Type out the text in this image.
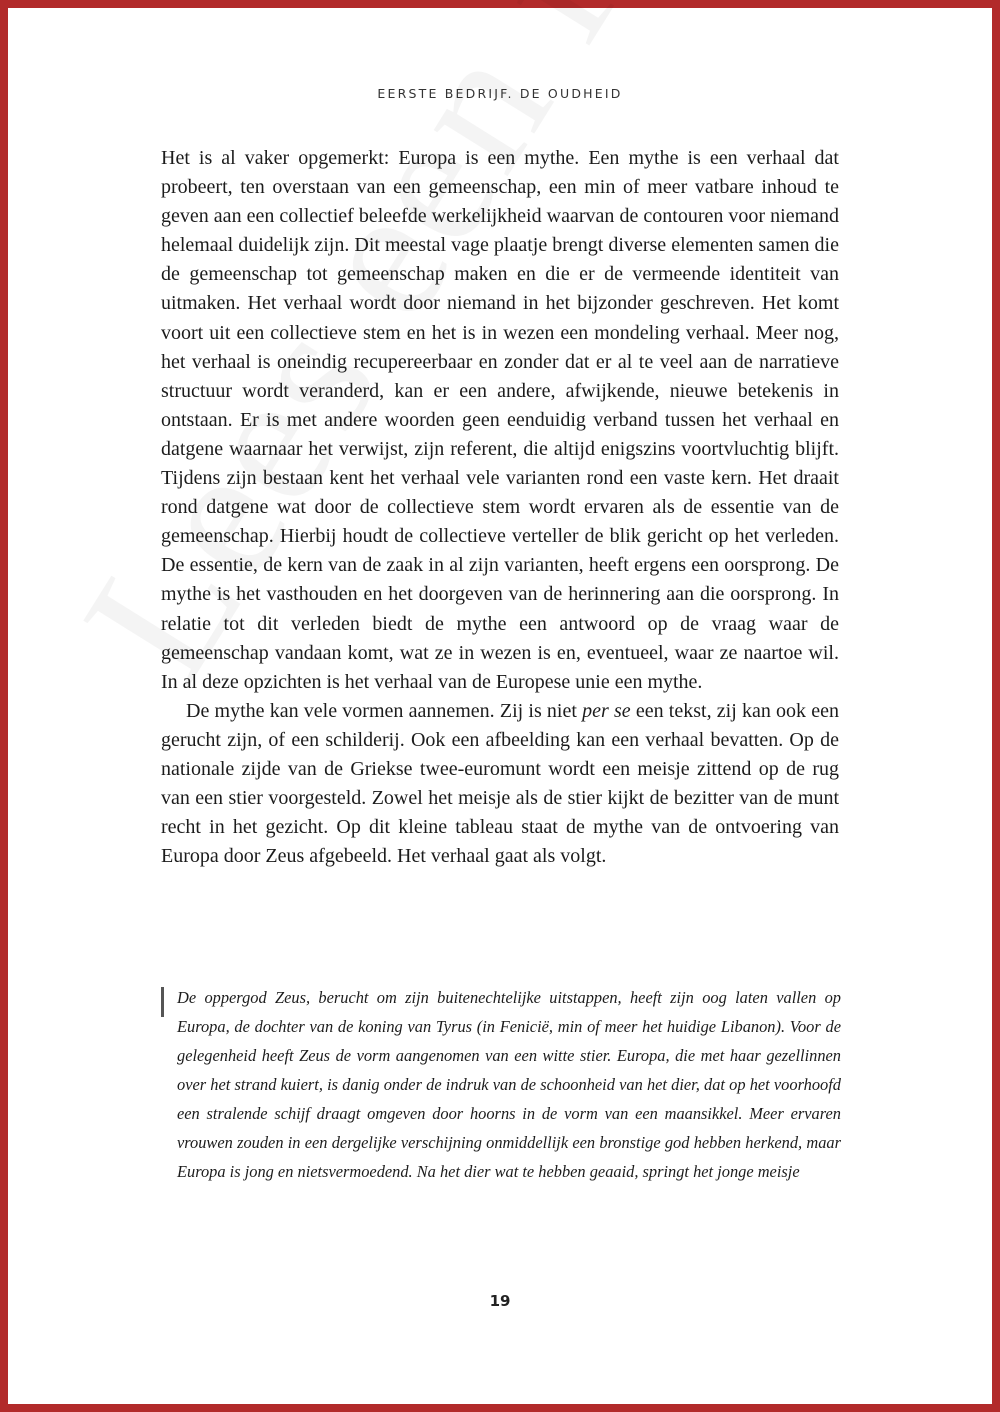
EERSTE BEDRIJF. DE OUDHEID

Het is al vaker opgemerkt: Europa is een mythe. Een mythe is een verhaal dat probeert, ten overstaan van een gemeenschap, een min of meer vatbare inhoud te geven aan een collectief beleefde werkelijkheid waarvan de contouren voor niemand helemaal duidelijk zijn. Dit meestal vage plaatje brengt diverse elementen samen die de gemeenschap tot gemeenschap maken en die er de vermeende identiteit van uitmaken. Het verhaal wordt door niemand in het bijzonder geschreven. Het komt voort uit een collectieve stem en het is in wezen een mondeling verhaal. Meer nog, het verhaal is oneindig recupereerbaar en zonder dat er al te veel aan de narratieve structuur wordt veranderd, kan er een andere, afwijkende, nieuwe betekenis in ontstaan. Er is met andere woorden geen eenduidig verband tussen het verhaal en datgene waarnaar het verwijst, zijn referent, die altijd enigszins voortvluchtig blijft. Tijdens zijn bestaan kent het verhaal vele varianten rond een vaste kern. Het draait rond datgene wat door de collectieve stem wordt ervaren als de essentie van de gemeenschap. Hierbij houdt de collectieve verteller de blik gericht op het verleden. De essentie, de kern van de zaak in al zijn varianten, heeft ergens een oorsprong. De mythe is het vasthouden en het doorgeven van de herinnering aan die oorsprong. In relatie tot dit verleden biedt de mythe een antwoord op de vraag waar de gemeenschap vandaan komt, wat ze in wezen is en, eventueel, waar ze naartoe wil. In al deze opzichten is het verhaal van de Europese unie een mythe.

De mythe kan vele vormen aannemen. Zij is niet per se een tekst, zij kan ook een gerucht zijn, of een schilderij. Ook een afbeelding kan een verhaal bevatten. Op de nationale zijde van de Griekse twee-euromunt wordt een meisje zittend op de rug van een stier voorgesteld. Zowel het meisje als de stier kijkt de bezitter van de munt recht in het gezicht. Op dit kleine tableau staat de mythe van de ontvoering van Europa door Zeus afgebeeld. Het verhaal gaat als volgt.

De oppergod Zeus, berucht om zijn buitenechtelijke uitstappen, heeft zijn oog laten vallen op Europa, de dochter van de koning van Tyrus (in Fenicië, min of meer het huidige Libanon). Voor de gelegenheid heeft Zeus de vorm aangenomen van een witte stier. Europa, die met haar gezellinnen over het strand kuiert, is danig onder de indruk van de schoonheid van het dier, dat op het voorhoofd een stralende schijf draagt omgeven door hoorns in de vorm van een maansikkel. Meer ervaren vrouwen zouden in een dergelijke verschijning onmiddellijk een bronstige god hebben herkend, maar Europa is jong en nietsvermoedend. Na het dier wat te hebben geaaid, springt het jonge meisje

19
